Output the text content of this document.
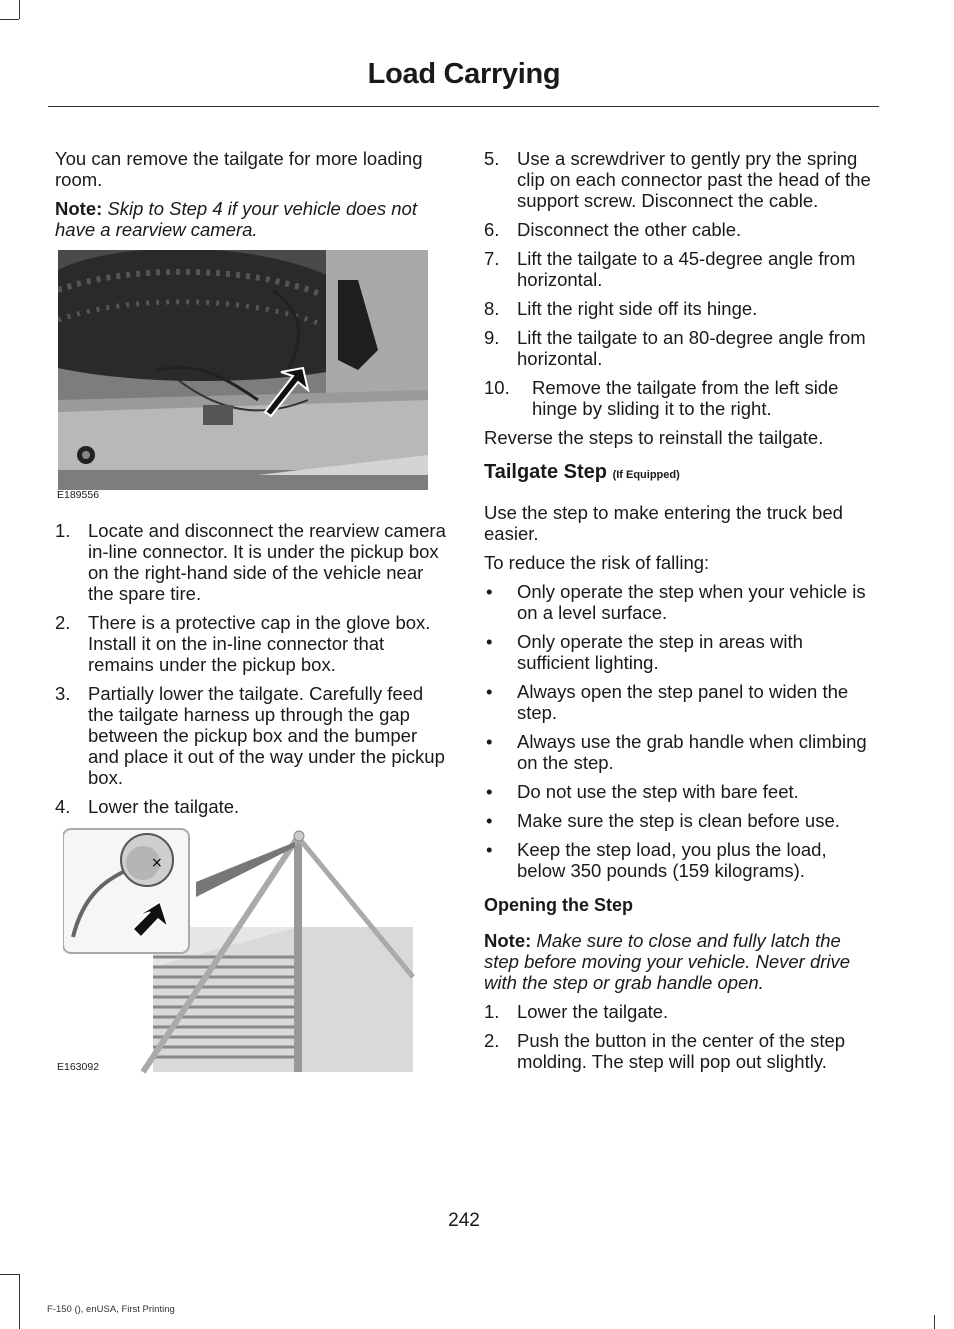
Load Carrying

You can remove the tailgate for more loading room.

Note: Skip to Step 4 if your vehicle does not have a rearview camera.

E189556
1. Locate and disconnect the rearview camera in-line connector. It is under the pickup box on the right-hand side of the vehicle near the spare tire.
2. There is a protective cap in the glove box. Install it on the in-line connector that remains under the pickup box.
3. Partially lower the tailgate. Carefully feed the tailgate harness up through the gap between the pickup box and the bumper and place it out of the way under the pickup box.
4. Lower the tailgate.
×
E163092
5. Use a screwdriver to gently pry the spring clip on each connector past the head of the support screw. Disconnect the cable.
6. Disconnect the other cable.
7. Lift the tailgate to a 45-degree angle from horizontal.
8. Lift the right side off its hinge.
9. Lift the tailgate to an 80-degree angle from horizontal.
10. Remove the tailgate from the left side hinge by sliding it to the right.

Reverse the steps to reinstall the tailgate.

Tailgate Step (If Equipped)

Use the step to make entering the truck bed easier.

To reduce the risk of falling:

• Only operate the step when your vehicle is on a level surface.
• Only operate the step in areas with sufficient lighting.
• Always open the step panel to widen the step.
• Always use the grab handle when climbing on the step.
• Do not use the step with bare feet.
• Make sure the step is clean before use.
• Keep the step load, you plus the load, below 350 pounds (159 kilograms).
Opening the Step

Note: Make sure to close and fully latch the step before moving your vehicle. Never drive with the step or grab handle open.

1. Lower the tailgate.
2. Push the button in the center of the step molding. The step will pop out slightly.
242
F-150 (), enUSA, First Printing
